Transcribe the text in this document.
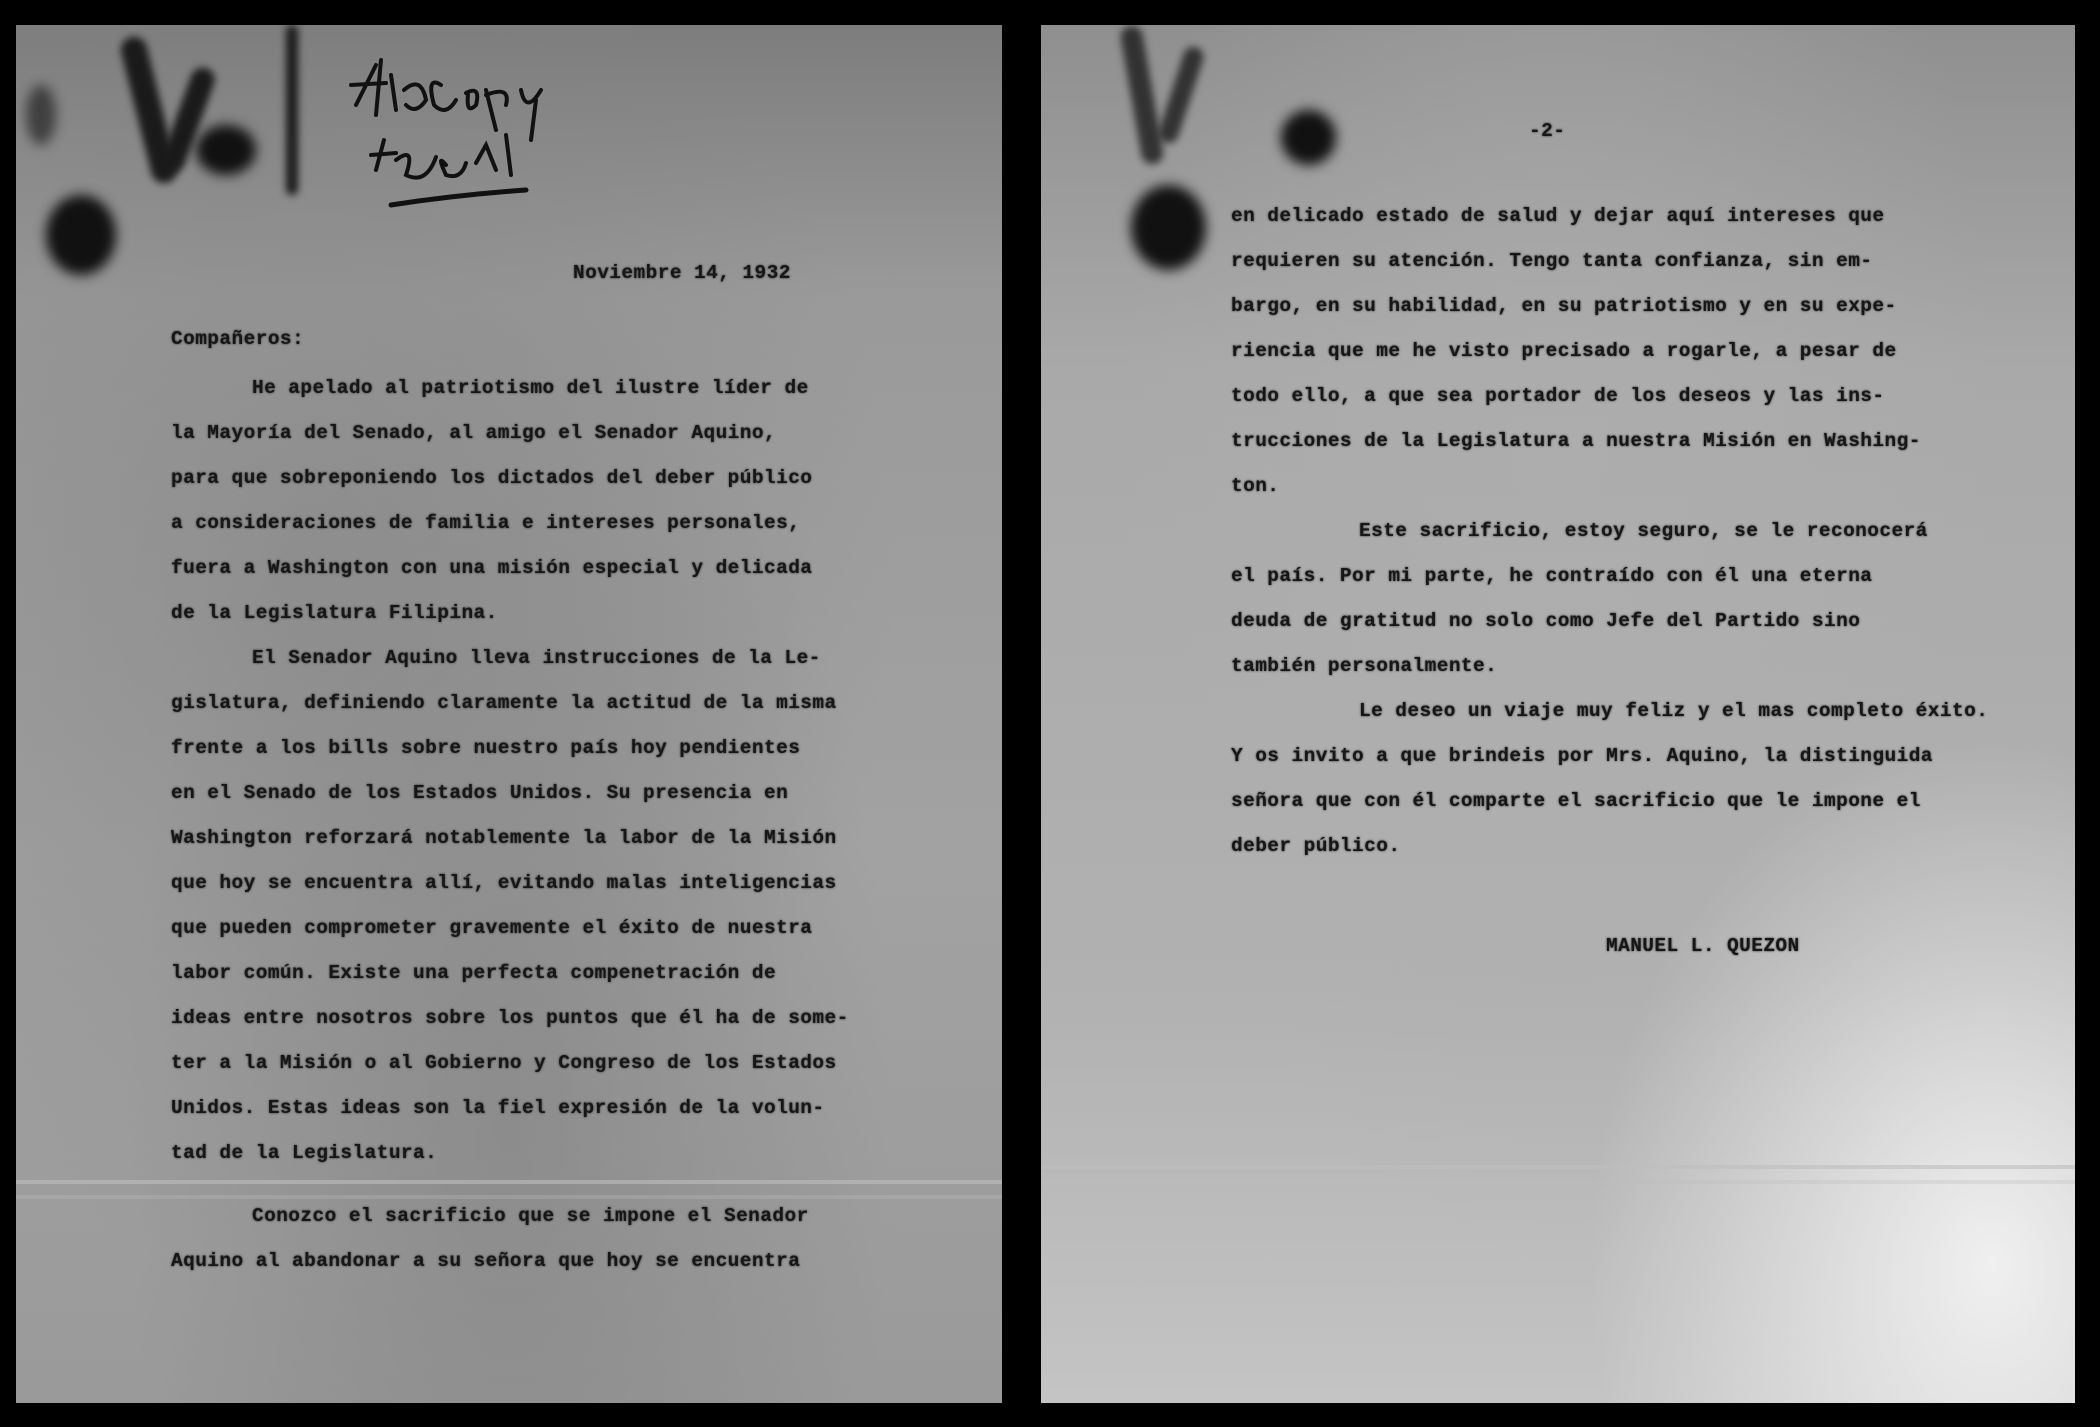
Noviembre 14, 1932
Compañeros:
He apelado al patriotismo del ilustre líder de
la Mayoría del Senado, al amigo el Senador Aquino,
para que sobreponiendo los dictados del deber público
a consideraciones de familia e intereses personales,
fuera a Washington con una misión especial y delicada
de la Legislatura Filipina.
El Senador Aquino lleva instrucciones de la Le-
gislatura, definiendo claramente la actitud de la misma
frente a los bills sobre nuestro país hoy pendientes
en el Senado de los Estados Unidos. Su presencia en
Washington reforzará notablemente la labor de la Misión
que hoy se encuentra allí, evitando malas inteligencias
que pueden comprometer gravemente el éxito de nuestra
labor común. Existe una perfecta compenetración de
ideas entre nosotros sobre los puntos que él ha de some-
ter a la Misión o al Gobierno y Congreso de los Estados
Unidos. Estas ideas son la fiel expresión de la volun-
tad de la Legislatura.
Conozco el sacrificio que se impone el Senador
Aquino al abandonar a su señora que hoy se encuentra
-2-
en delicado estado de salud y dejar aquí intereses que
requieren su atención. Tengo tanta confianza, sin em-
bargo, en su habilidad, en su patriotismo y en su expe-
riencia que me he visto precisado a rogarle, a pesar de
todo ello, a que sea portador de los deseos y las ins-
trucciones de la Legislatura a nuestra Misión en Washing-
ton.
Este sacrificio, estoy seguro, se le reconocerá
el país. Por mi parte, he contraído con él una eterna
deuda de gratitud no solo como Jefe del Partido sino
también personalmente.
Le deseo un viaje muy feliz y el mas completo éxito.
Y os invito a que brindeis por Mrs. Aquino, la distinguida
señora que con él comparte el sacrificio que le impone el
deber público.
MANUEL L. QUEZON
